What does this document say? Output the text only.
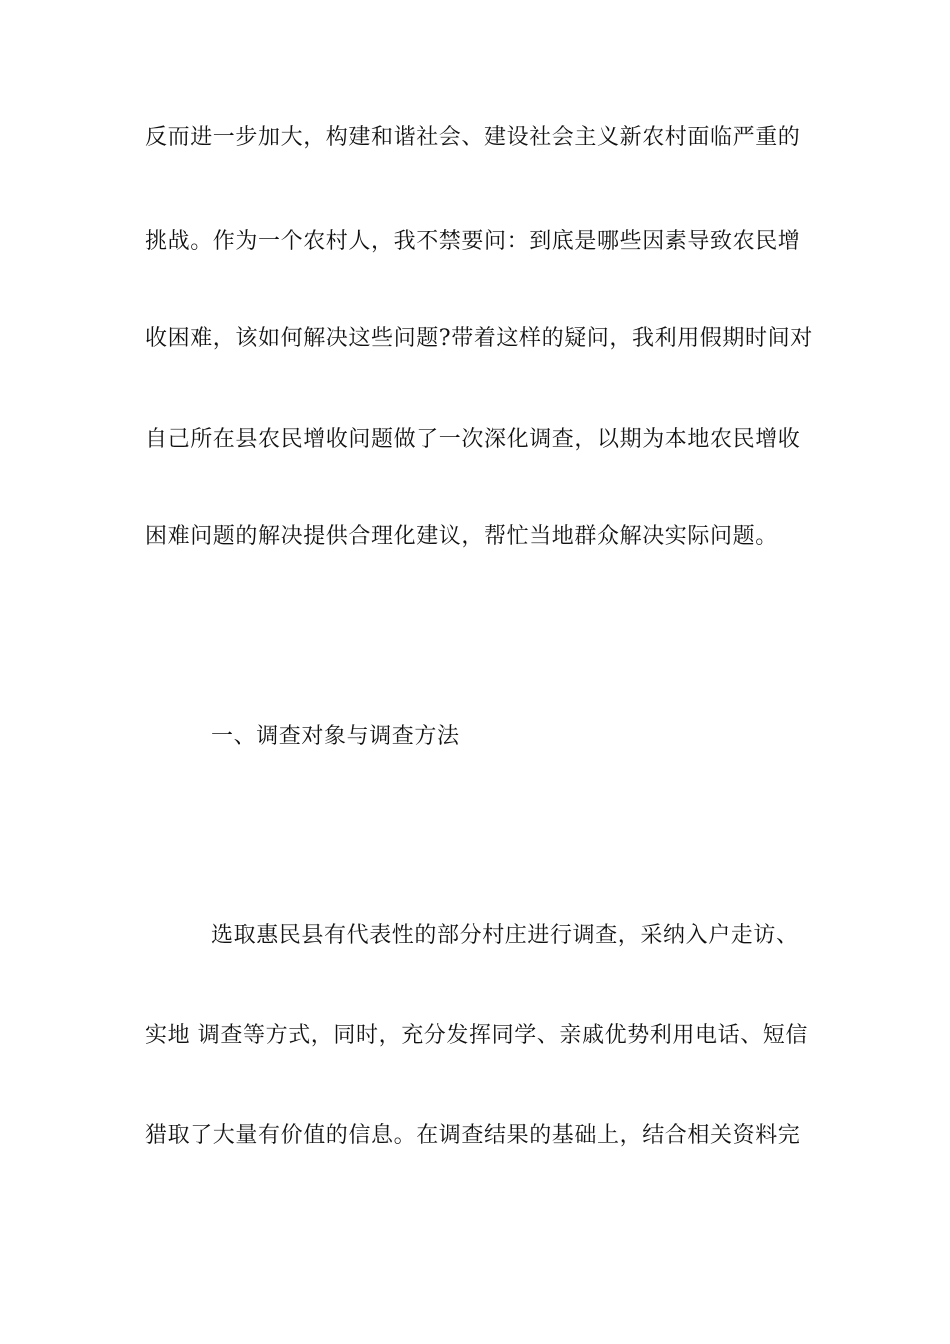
反而进一步加大，构建和谐社会、建设社会主义新农村面临严重的
挑战。作为一个农村人，我不禁要问：到底是哪些因素导致农民增
收困难，该如何解决这些问题?带着这样的疑问，我利用假期时间对
自己所在县农民增收问题做了一次深化调查，以期为本地农民增收
困难问题的解决提供合理化建议，帮忙当地群众解决实际问题。
一、调查对象与调查方法
选取惠民县有代表性的部分村庄进行调查，采纳入户走访、
实地 调查等方式，同时，充分发挥同学、亲戚优势利用电话、短信
猎取了大量有价值的信息。在调查结果的基础上，结合相关资料完
